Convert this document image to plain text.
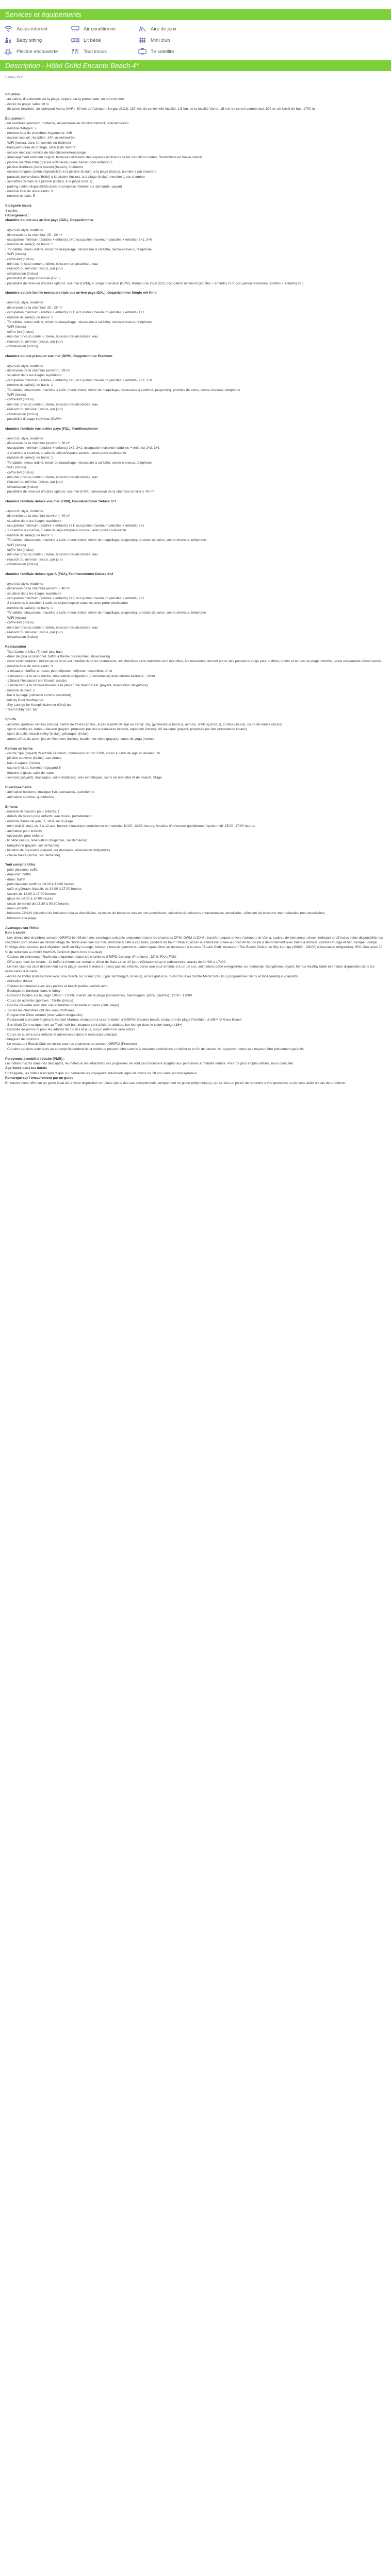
Services et équipements
Accès internet	Air conditionné	Aire de jeux
Baby sitting	Lit bébé	Mini club
Piscine découverte	Tout inclus	Tv satellite
Description - Hôtel Grifid Encanto Beach 4*
Sables d'Or

Situation
- au calme, directement sur la plage, séparé par la promenade, en bord de mer
- Accès de plage: sable 10 m
- distance (environ): de l'aéroport Varna (VAR): 30 km; de l'aéroport Burgas (BOJ): 137 km; du centre-ville localité: 1,5 km; de la localité Varna: 15 km; du centre commercial: 800 m; de l'arrêt de bus: 1700 m

Équipement
- un vestibule spacieux, moderne, respectueux de l'environnement, spécial besoin
- nombre d'étages: 7
- nombre total de chambres /logements: 246
- espace accueil, réception, 24h, ascenseur(s)
- WiFi (inclus), dans l'ensemble du bâtiment
- banque/bureau de change, safe(s) de montre
- service médical; service de blanchisserie/repassage
- aménagement extérieur soigné; terrasses utilisation des espaces extérieurs selon conditions météo. Restrictions en basse saison
- piscine membre total (piscine extérieure) (sans bassin pour enfants) 2
- piscine d'enfants (dans bassin) (bassin), intérieure
- chaises longues (selon disponibilité) à la piscine (inclus), à la plage (inclus), nombre 2 par chambre
- parasols (selon disponibilité) à la piscine (inclus), à la plage (inclus), nombre 1 par chambre
- serviettes de bain à la piscine (inclus), à la plage (inclus)
- parking (selon disponibilité) dans le complexe hôtelier: sur demande, payant
- nombre total de restaurants: 3
- nombre de bars: 5

Catégorie locale
4 étoiles
Hébergement :
chambre double vue arrière pays (DZL), Doppelzimmer

- ayant du style, moderne
- dimension de la chambre: 25 - 29 m²
- occupation minimum (adultes + enfants) 2+0; occupation maximum (adultes + enfants) 2+1; 3+0
- nombre de salle(s) de bains: 1
- TV câblée, menu ordiné, miroir de maquillage, nécessaire à café/thé, sèche-cheveux, téléphone
- WiFi (inclus)
- coffre-fort (inclus)
- mini-bar (inclus) contenu: bière, boisson non-alcoolisée, eau
- réassort du mini-bar (inclus, par jour)
- climatisation (inclus)
- possibilité d'usage individuel (DZL)
- possibilité de réserver d'autres options: vue mer (DZM), à usage individuel (DVM), Promo Low Cost (DZ); occupation minimum (adultes + enfants) 2+0; occupation maximum (adultes + enfants) 2+0

chambre double famille monoparentale vue arrière pays (DXL), Doppelzimmer Single mit Kind

- ayant du style, moderne
- dimension de la chambre: 25 - 29 m²
- occupation minimum (adultes + enfants) 1+1; occupation maximum (adultes + enfants) 1+2
- nombre de salle(s) de bains: 1
- TV câblée, menu ordiné, miroir de maquillage, nécessaire à café/thé, sèche-cheveux, téléphone
- WiFi (inclus)
- coffre-fort (inclus)
- mini-bar (inclus) contenu: bière, boisson non-alcoolisée, eau
- réassort du mini-bar (inclus, par jour)
- climatisation (inclus)

chambre double premium vue mer (DPM), Doppelzimmer Premium

- ayant du style, moderne
- dimension de la chambre (environ): 29 m²
- situation dans les étages supérieurs
- occupation minimum (adultes + enfants) 2+0; occupation maximum (adultes + enfants) 2+1; 3+0
- nombre de salle(s) de bains: 1
- TV câblée, chaussons, machine à café, menu ordiné, miroir de maquillage, nécessaire à café/thé, peignoir(s), produits de soins, sèche-cheveux, téléphone
- WiFi (inclus)
- coffre-fort (inclus)
- mini-bar (inclus) contenu: bière, boisson non-alcoolisée, eau
- réassort du mini-bar (inclus, par jour)
- climatisation (inclus)
- possibilité d'usage individuel (DWM)

chambre familiale vue arrière pays (FZL), Familienzimmer

- ayant du style, moderne
- dimension de la chambre (environ): 36 m²
- occupation minimum (adultes + enfants) 2+2; 3+1; occupation maximum (adultes + enfants) 2+2; 3+1
- 1 chambre à coucher, 1 salle de séjour/espace coucher, avec porte coulissante
- nombre de salle(s) de bains: 1
- TV câblée, menu ordiné, miroir de maquillage, nécessaire à café/thé, sèche-cheveux, téléphone
- WiFi (inclus)
- coffre-fort (inclus)
- mini-bar (inclus) contenu: bière, boisson non-alcoolisée, eau
- réassort du mini-bar (inclus, par jour)
- climatisation (inclus)
- possibilité de réserver d'autres options: vue mer (FZM), dimension de la chambre (environ): 40 m²

chambre familiale deluxe vue mer (FXM), Familienzimmer Deluxe 3+1

- ayant du style, moderne
- dimension de la chambre (environ): 40 m²
- situation dans les étages supérieurs
- occupation minimum (adultes + enfants) 3+1; occupation maximum (adultes + enfants) 3+1
- 1 chambre à coucher, 1 salle de séjour/espace coucher, avec porte coulissante
- nombre de salle(s) de bains: 1
- TV câblée, chaussons, machine à café, menu ordiné, miroir de maquillage, peignoir(s), produits de soins, sèche-cheveux, téléphone
- WiFi (inclus)
- coffre-fort (inclus)
- mini-bar (inclus) contenu: bière, boisson non-alcoolisée, eau
- réassort du mini-bar (inclus, par jour)
- climatisation (inclus)

chambre familiale deluxe type A (FXA), Familienzimmer Deluxe 2+2

- ayant du style, moderne
- dimension de la chambre (environ): 40 m²
- situation dans les étages supérieurs
- occupation minimum (adultes + enfants) 2+2; occupation maximum (adultes + enfants) 2+2
- 2 chambres à coucher, 1 salle de séjour/espace coucher, avec porte coulissante
- nombre de salle(s) de bains: 1
- TV câblée, chaussons, machine à café, menu ordiné, miroir de maquillage, peignoir(s), produits de soins, sèche-cheveux, téléphone
- WiFi (inclus)
- coffre-fort (inclus)
- mini-bar (inclus) contenu: bière, boisson non-alcoolisée, eau
- réassort du mini-bar (inclus, par jour)
- climatisation (inclus)

Restauration
- Tout Compris Ultra (7) (voir plus bas)
- dîner de gala occasionnel, buffet à thème occasionnel, showcooking
- code vestimentaire: l'entrée peuts nous est interdite dans les restaurants, les chemises sans manches sont interdites, les messieurs devront porter des pantalons longs pour le dîner, shorts et tenues de plage interdits, tenue convenable décontractée
- nombre total de restaurants: 3
- 1 restaurant buffet, terrasse, petit-déjeuner, déjeuner disponible, dîner
- 1 restaurant à la carte (inclus, réservation obligatoire) (une/semaine) avec cuisine italienne, , dîner
- 1 Snack Restaurant sm 'Grand', snacks
- 1 restaurant à la carte/restaurant à la plage 'The Beach Club' (payant, réservation obligatoire)
- nombre de bars: 5
- bar à la plage (utilisable comme snackbar)
- Infinity Pool Rooftop bar
- Sky Lounge for Kempinkizimmer (Grid) bar
- Team lobby Bar: bar

Sports
- activités sportives variées (inclus): centre de fitness (inclus, accès à partir de âge au sens): 16), gymnastique (inclus), aerobic, walking (inclus), zumba (inclus), cours de danse (inclus)
- sports nautiques: bateau-banane (payant, proposés par des prestataires locaux), aquagym (inclus), ski nautique (payant, proposés par des prestataires locaux)
- sport de balle: beach-volley (inclus), pétanque (inclus)
- autres offres de sport: jeu de fléchettes (inclus), location de vélos (payant), cours de yoga (inclus)

Remise en forme
- centre Spa (payant) 'MedSPA Zenkrum', dimensions en m² 2300, accès à partir de âge en années: 16
- piscine couverte (inclus), eau douce
- bain à vapeur (inclus)
- sauna (inclus), hammam (payant) 5
- fontaine à glace, salle de repos
- services (payant): massages, soins médicaux, soin esthétiques, soins de bien-être et de beauté, Stage

Divertissements
- animation nocturne: musique live, spectacles, quotidienne
- animation sportive, quotidienne

Enfants
- nombre de bassins pour enfants: 1
- détails du bassin pour enfants: eau douce, partiellement
- nombre d'aires de jeux: 1, situé sur la plage
- mini-club (inclus), de 4 à 12 ans, heures d'ouverture quotidienne en matinée: 10:00- 12:30 heures, horaires d'ouverture quotidienne l'après-midi: 15:00- 17:00 heures
- animation pour enfants
- spectacles pour enfants
- lit bébé (inclus, réservation obligatoire, sur demande)
- babyphone (payant, sur demande)
- location de poussette (payant, sur demande, réservation obligatoire)
- chaise haute (inclus, sur demande)

Tout compris Ultra
- petit-déjeuner: buffet
- déjeuner: buffet
- dîner: buffet
- petit-déjeuner tardif de 10:00 à 12:00 heures
- café et gâteaux, biscuits de 14:00 à 17:00 heures
- snacks de 12:00 à 17:00 heures
- glace de 14:00 à 17:00 heures
- snack de minuit de 23:30 à 00:30 heures
- menu enfants
- boissons 24h/24 (sélection de boissons locales alcoolisées, sélection de boissons locales non-alcoolisées, sélection de boissons internationales alcoolisées, sélection de boissons internationales non-alcoolisées)
- boissons à la plage

Avantages sur l'hôtel
Bon à savoir
- Les clients des chambres concept GRIFID bénéficient des avantages suivants uniquement dans les chambres DPM, DWM et DXM : transfert depuis et vers l'aéroport de Varna, cadeau de bienvenue, check-in/départ tardif inclus selon disponibilité, les chambres sont situées au dernier étage de l'hôtel avec vue sur mer, machine à café à capsules, produits de bain "Rituals", accès à la terrasse privée au bord de la piscine à débordement avec bains à remous, cabines lounge et bar, canapé Lounge Privilège avec service, petit-déjeuner tardif au Sky Lounge, boissons haut de gamme et panier-repas dîner au restaurant à la carte "Beach Club" restaurant The Beach Club et du Sky Lounge (20h00 - 23h00) (réservation obligatoire), SPA-Deal avec 20 % de réduction au Grifid MedSPA Zenkrum (tarifs hors spa-deal).
- Cadeau de bienvenue (Ravintola uniquement dans les chambres GRIFID Concept (Premium) : DPM, FXA, FXM.
- Offre pour tous les clients : 2x buffet à thème par semaine, dîner de Gala 1x en 10 jours (Gâteaux sirop et pâtisseries), snacks de 14h00 à 17h00.
- Le mini-club est situé directement sur la plage; ouvert à le/des 6 (dans) pas les enfants, parce que pour enfants 3 à un 14 ans, animations bébé enregistrées sur demande. Babyphone payant. Menus Healthy bébé et enfants disponibles dans les restaurants à la carte.
- Accès de l'hôtel professionnel avec une directe sur la mer (16+, type Technogym, Kinesis), accès gratuit au SPA Circuit au Centre MedicSPA (16+) programmes Détox et bioégénétique (payants).
- Animation douce
- Soirées éphémères avec jeux parties et beach parties (soliste avé)
- Boutique de bonbons dans le lobby
- Boissons locales sur la plage 10h00 - 17h00, snacks sur la plage (sandwiches, hamburgers, pizza, gaufres) 12h00 - 17h00
- Cours de activités sportives : Tai-Bo (inclus)
- Piscine couverte avec mer vue et fenêtre coulissante en verre (côté plage)
- Toutes les chambres ont des vues obstruées
- Programme Dîner around (réservation obligatoire)
- Restaurant à la carte Inglesa à Sandoe Marrow, restaurant à la carte italien à GRIFID Encanto beach, restaurant de plage Poséidon, à GRIFID Mosa Beach
- Sun Mark Zone uniquement au Tivoli, voir bar, lesquels sont déclarés adultes, bar lounge dans le salon-lounge (16+)
- Garantie de parcours pour les adultes de 18 ans et plus, aucun enfant ne sera admis
- Cours de cuisine pour enfants et adolescents dans le restaurant principal.
- Magasin de bonbons
- Le restaurant Beach Club est inclus pour les chambres du concept GRIFID (Premium)
- Certains services extérieurs au concept dépendent de la météo et peuvent être soumis à certaines restrictions en début et en fin de saison, ils ne peuvent donc pas toujours être pleinement garantis.

Personnes à mobilité réduite (PMR) :
Les hôtels inscrits dans nos descriptifs, les hôtels et les infrastructures proposées ne sont pas forcément adaptés aux personnes à mobilité réduite. Pour de plus amples détails, nous consulter.
Âge limite dans les hôtels
En Bulgarie, les hôtels n'acceptent que sur demande les voyageurs individuels âgés de moins de 18 ans sans accompagnateur.
Remarque sur l'encadrement par un guide
En raison d'une offre sur un guide local est à votre disposition sur place (dans des cas exceptionnels, uniquement un guide téléphonique), qui se fera un plaisir de répondre à vos questions ou de vous aider en cas de problème.
